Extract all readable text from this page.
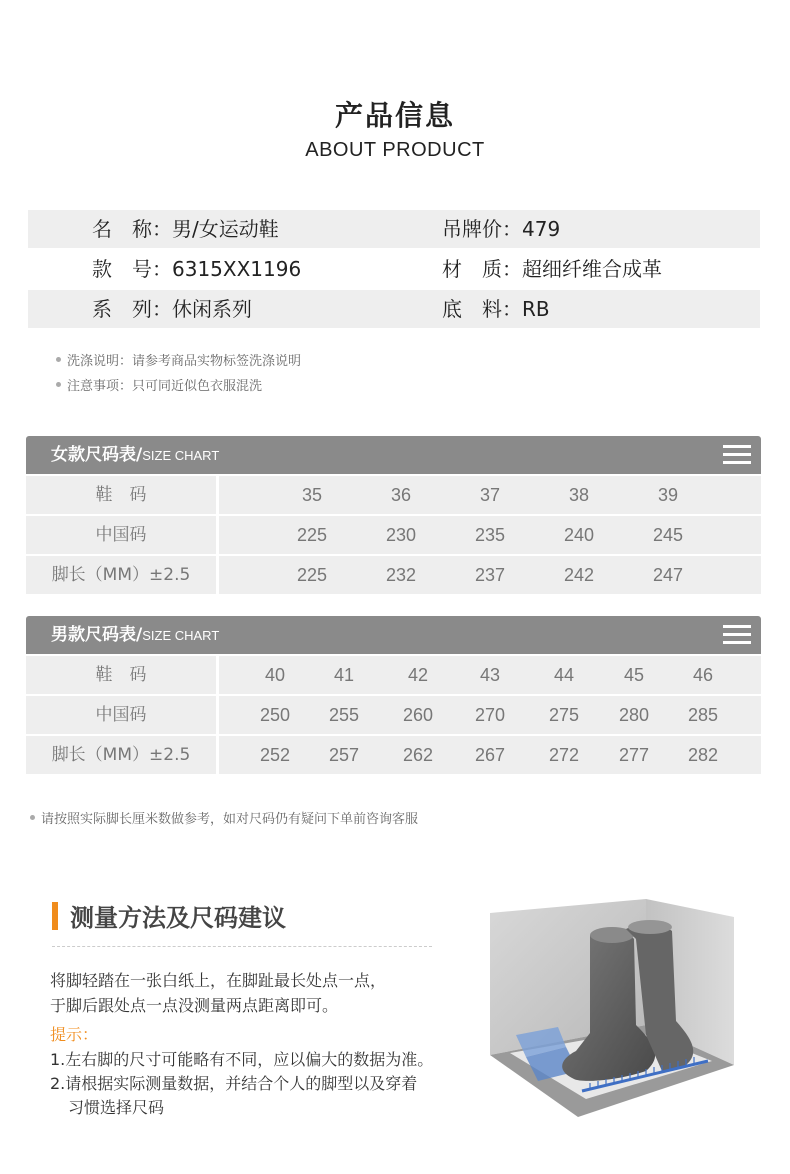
产品信息
ABOUT PRODUCT
名　称：男/女运动鞋	吊牌价：479
款　号：6315XX1196	材　质：超细纤维合成革
系　列：休闲系列	底　料：RB
洗涤说明：请参考商品实物标签洗涤说明
注意事项：只可同近似色衣服混洗
女款尺码表/SIZE CHART
鞋　码	35	36	37	38	39
中国码	225	230	235	240	245
脚长（MM）±2.5	225	232	237	242	247
男款尺码表/SIZE CHART
鞋　码	40	41	42	43	44	45	46
中国码	250	255	260	270	275	280	285
脚长（MM）±2.5	252	257	262	267	272	277	282
请按照实际脚长厘米数做参考，如对尺码仍有疑问下单前咨询客服
测量方法及尺码建议
将脚轻踏在一张白纸上，在脚趾最长处点一点，
于脚后跟处点一点没测量两点距离即可。
提示：
1.左右脚的尺寸可能略有不同，应以偏大的数据为准。
2.请根据实际测量数据，并结合个人的脚型以及穿着
习惯选择尺码
